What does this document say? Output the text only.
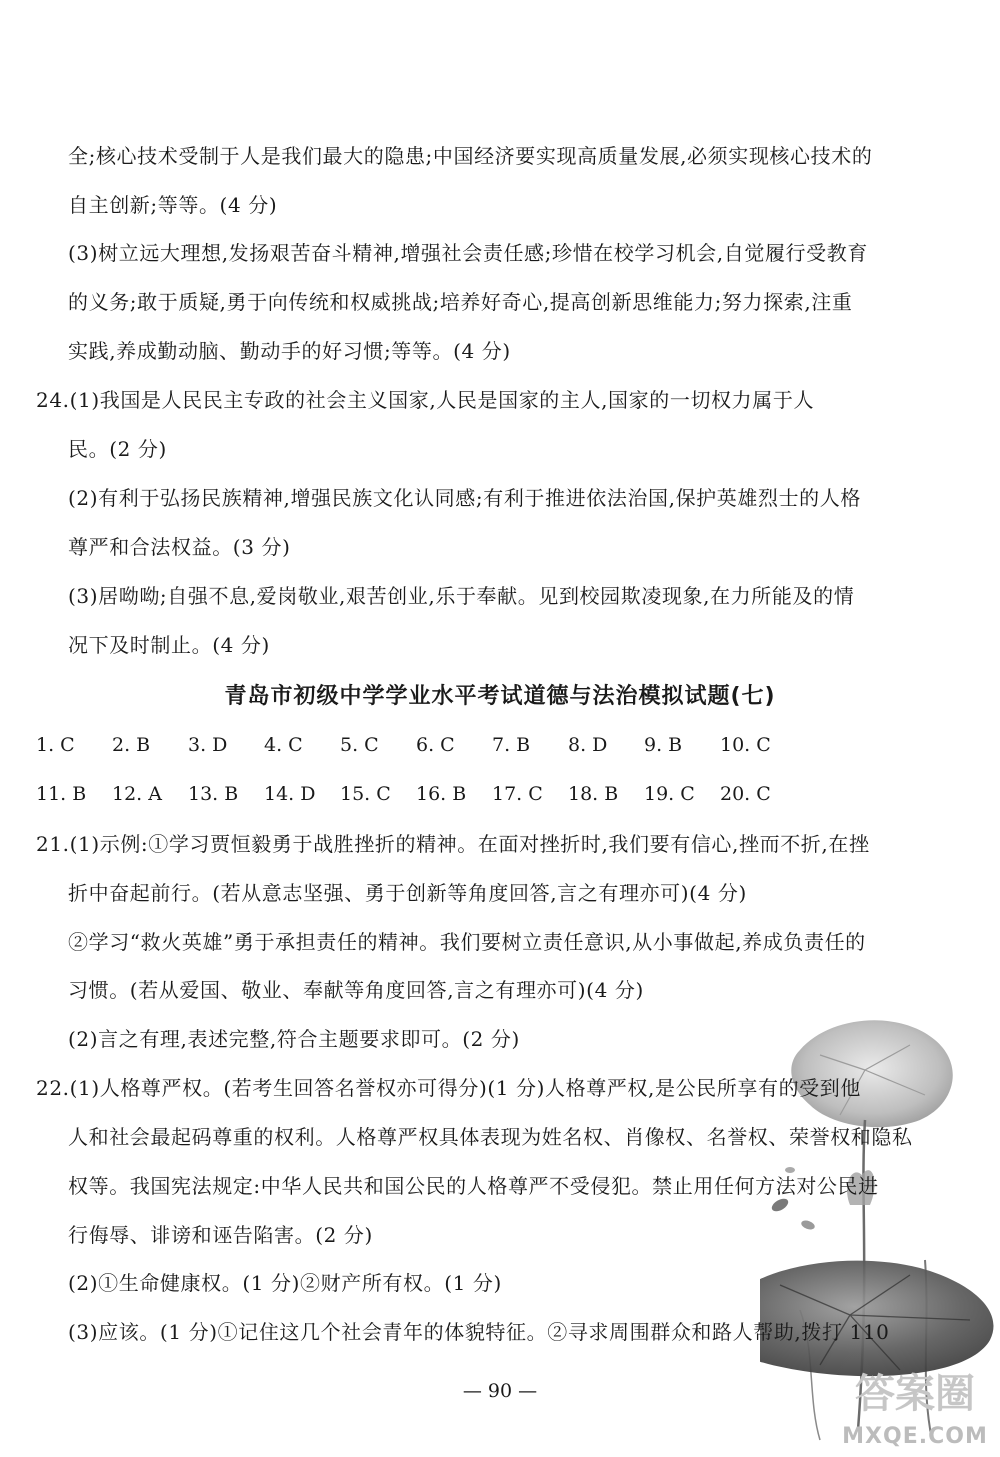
全;核心技术受制于人是我们最大的隐患;中国经济要实现高质量发展,必须实现核心技术的
自主创新;等等。(4 分)
(3)树立远大理想,发扬艰苦奋斗精神,增强社会责任感;珍惜在校学习机会,自觉履行受教育
的义务;敢于质疑,勇于向传统和权威挑战;培养好奇心,提高创新思维能力;努力探索,注重
实践,养成勤动脑、勤动手的好习惯;等等。(4 分)
24.(1)我国是人民民主专政的社会主义国家,人民是国家的主人,国家的一切权力属于人
民。(2 分)
(2)有利于弘扬民族精神,增强民族文化认同感;有利于推进依法治国,保护英雄烈士的人格
尊严和合法权益。(3 分)
(3)居呦呦;自强不息,爱岗敬业,艰苦创业,乐于奉献。见到校园欺凌现象,在力所能及的情
况下及时制止。(4 分)
青岛市初级中学学业水平考试道德与法治模拟试题(七)
1. C 2. B 3. D 4. C 5. C 6. C 7. B 8. D 9. B 10. C
11. B 12. A 13. B 14. D 15. C 16. B 17. C 18. B 19. C 20. C
21.(1)示例:①学习贾恒毅勇于战胜挫折的精神。在面对挫折时,我们要有信心,挫而不折,在挫
折中奋起前行。(若从意志坚强、勇于创新等角度回答,言之有理亦可)(4 分)
②学习“救火英雄”勇于承担责任的精神。我们要树立责任意识,从小事做起,养成负责任的
习惯。(若从爱国、敬业、奉献等角度回答,言之有理亦可)(4 分)
(2)言之有理,表述完整,符合主题要求即可。(2 分)
22.(1)人格尊严权。(若考生回答名誉权亦可得分)(1 分)人格尊严权,是公民所享有的受到他
人和社会最起码尊重的权利。人格尊严权具体表现为姓名权、肖像权、名誉权、荣誉权和隐私
权等。我国宪法规定:中华人民共和国公民的人格尊严不受侵犯。禁止用任何方法对公民进
行侮辱、诽谤和诬告陷害。(2 分)
(2)①生命健康权。(1 分)②财产所有权。(1 分)
(3)应该。(1 分)①记住这几个社会青年的体貌特征。②寻求周围群众和路人帮助,拨打 110
— 90 —	答案圈
MXQE.COM
